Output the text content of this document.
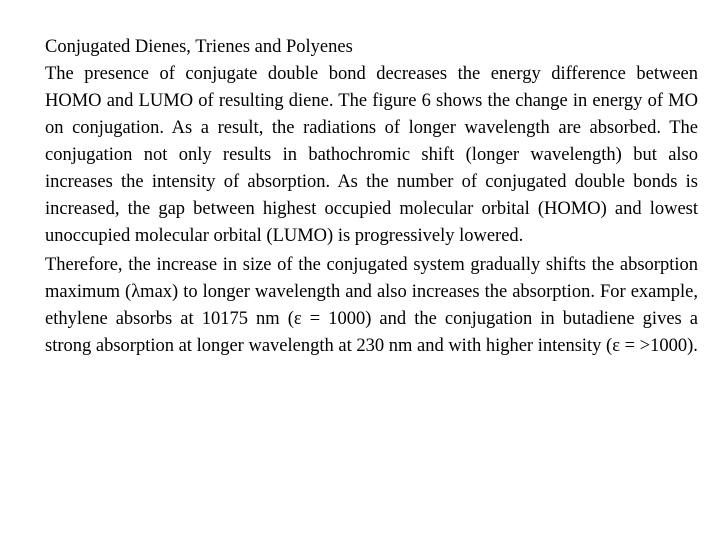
Conjugated Dienes, Trienes and Polyenes

The presence of conjugate double bond decreases the energy difference between HOMO and LUMO of resulting diene. The figure 6 shows the change in energy of MO on conjugation. As a result, the radiations of longer wavelength are absorbed. The conjugation not only results in bathochromic shift (longer wavelength) but also increases the intensity of absorption. As the number of conjugated double bonds is increased, the gap between highest occupied molecular orbital (HOMO) and lowest unoccupied molecular orbital (LUMO) is progressively lowered.

Therefore, the increase in size of the conjugated system gradually shifts the absorption maximum (λmax) to longer wavelength and also increases the absorption. For example, ethylene absorbs at 10175 nm (ε = 1000) and the conjugation in butadiene gives a strong absorption at longer wavelength at 230 nm and with higher intensity (ε = >1000).
